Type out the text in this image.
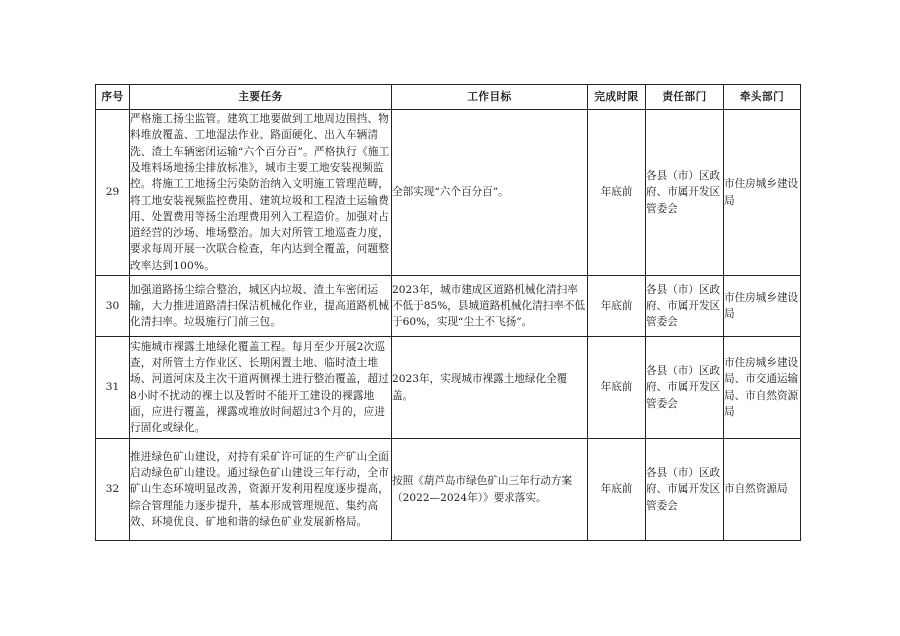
序号	主要任务	工作目标	完成时限	责任部门	牵头部门
29	严格施工扬尘监管。建筑工地要做到工地周边围挡、物料堆放覆盖、工地湿法作业、路面硬化、出入车辆清洗、渣土车辆密闭运输“六个百分百”。严格执行《施工及堆料场地扬尘排放标准》，城市主要工地安装视频监控。将施工工地扬尘污染防治纳入文明施工管理范畴，将工地安装视频监控费用、建筑垃圾和工程渣土运输费用、处置费用等扬尘治理费用列入工程造价。加强对占道经营的沙场、堆场整治。加大对所管工地巡查力度，要求每周开展一次联合检查，年内达到全覆盖，问题整改率达到100%。	全部实现“六个百分百”。	年底前	各县（市）区政府、市属开发区管委会	市住房城乡建设局
30	加强道路扬尘综合整治，城区内垃圾、渣土车密闭运输，大力推进道路清扫保洁机械化作业，提高道路机械化清扫率。垃圾施行门前三包。	2023年，城市建成区道路机械化清扫率不低于85%，县城道路机械化清扫率不低于60%，实现“尘土不飞扬”。	年底前	各县（市）区政府、市属开发区管委会	市住房城乡建设局
31	实施城市裸露土地绿化覆盖工程。每月至少开展2次巡查，对所管土方作业区、长期闲置土地、临时渣土堆场、河道河床及主次干道两侧裸土进行整治覆盖，超过8小时不扰动的裸土以及暂时不能开工建设的裸露地面，应进行覆盖，裸露或堆放时间超过3个月的，应进行固化或绿化。	2023年，实现城市裸露土地绿化全覆盖。	年底前	各县（市）区政府、市属开发区管委会	市住房城乡建设局、市交通运输局、市自然资源局
32	推进绿色矿山建设，对持有采矿许可证的生产矿山全面启动绿色矿山建设。通过绿色矿山建设三年行动，全市矿山生态环境明显改善，资源开发利用程度逐步提高，综合管理能力逐步提升，基本形成管理规范、集约高效、环境优良、矿地和谐的绿色矿业发展新格局。	按照《葫芦岛市绿色矿山三年行动方案（2022—2024年）》要求落实。	年底前	各县（市）区政府、市属开发区管委会	市自然资源局
